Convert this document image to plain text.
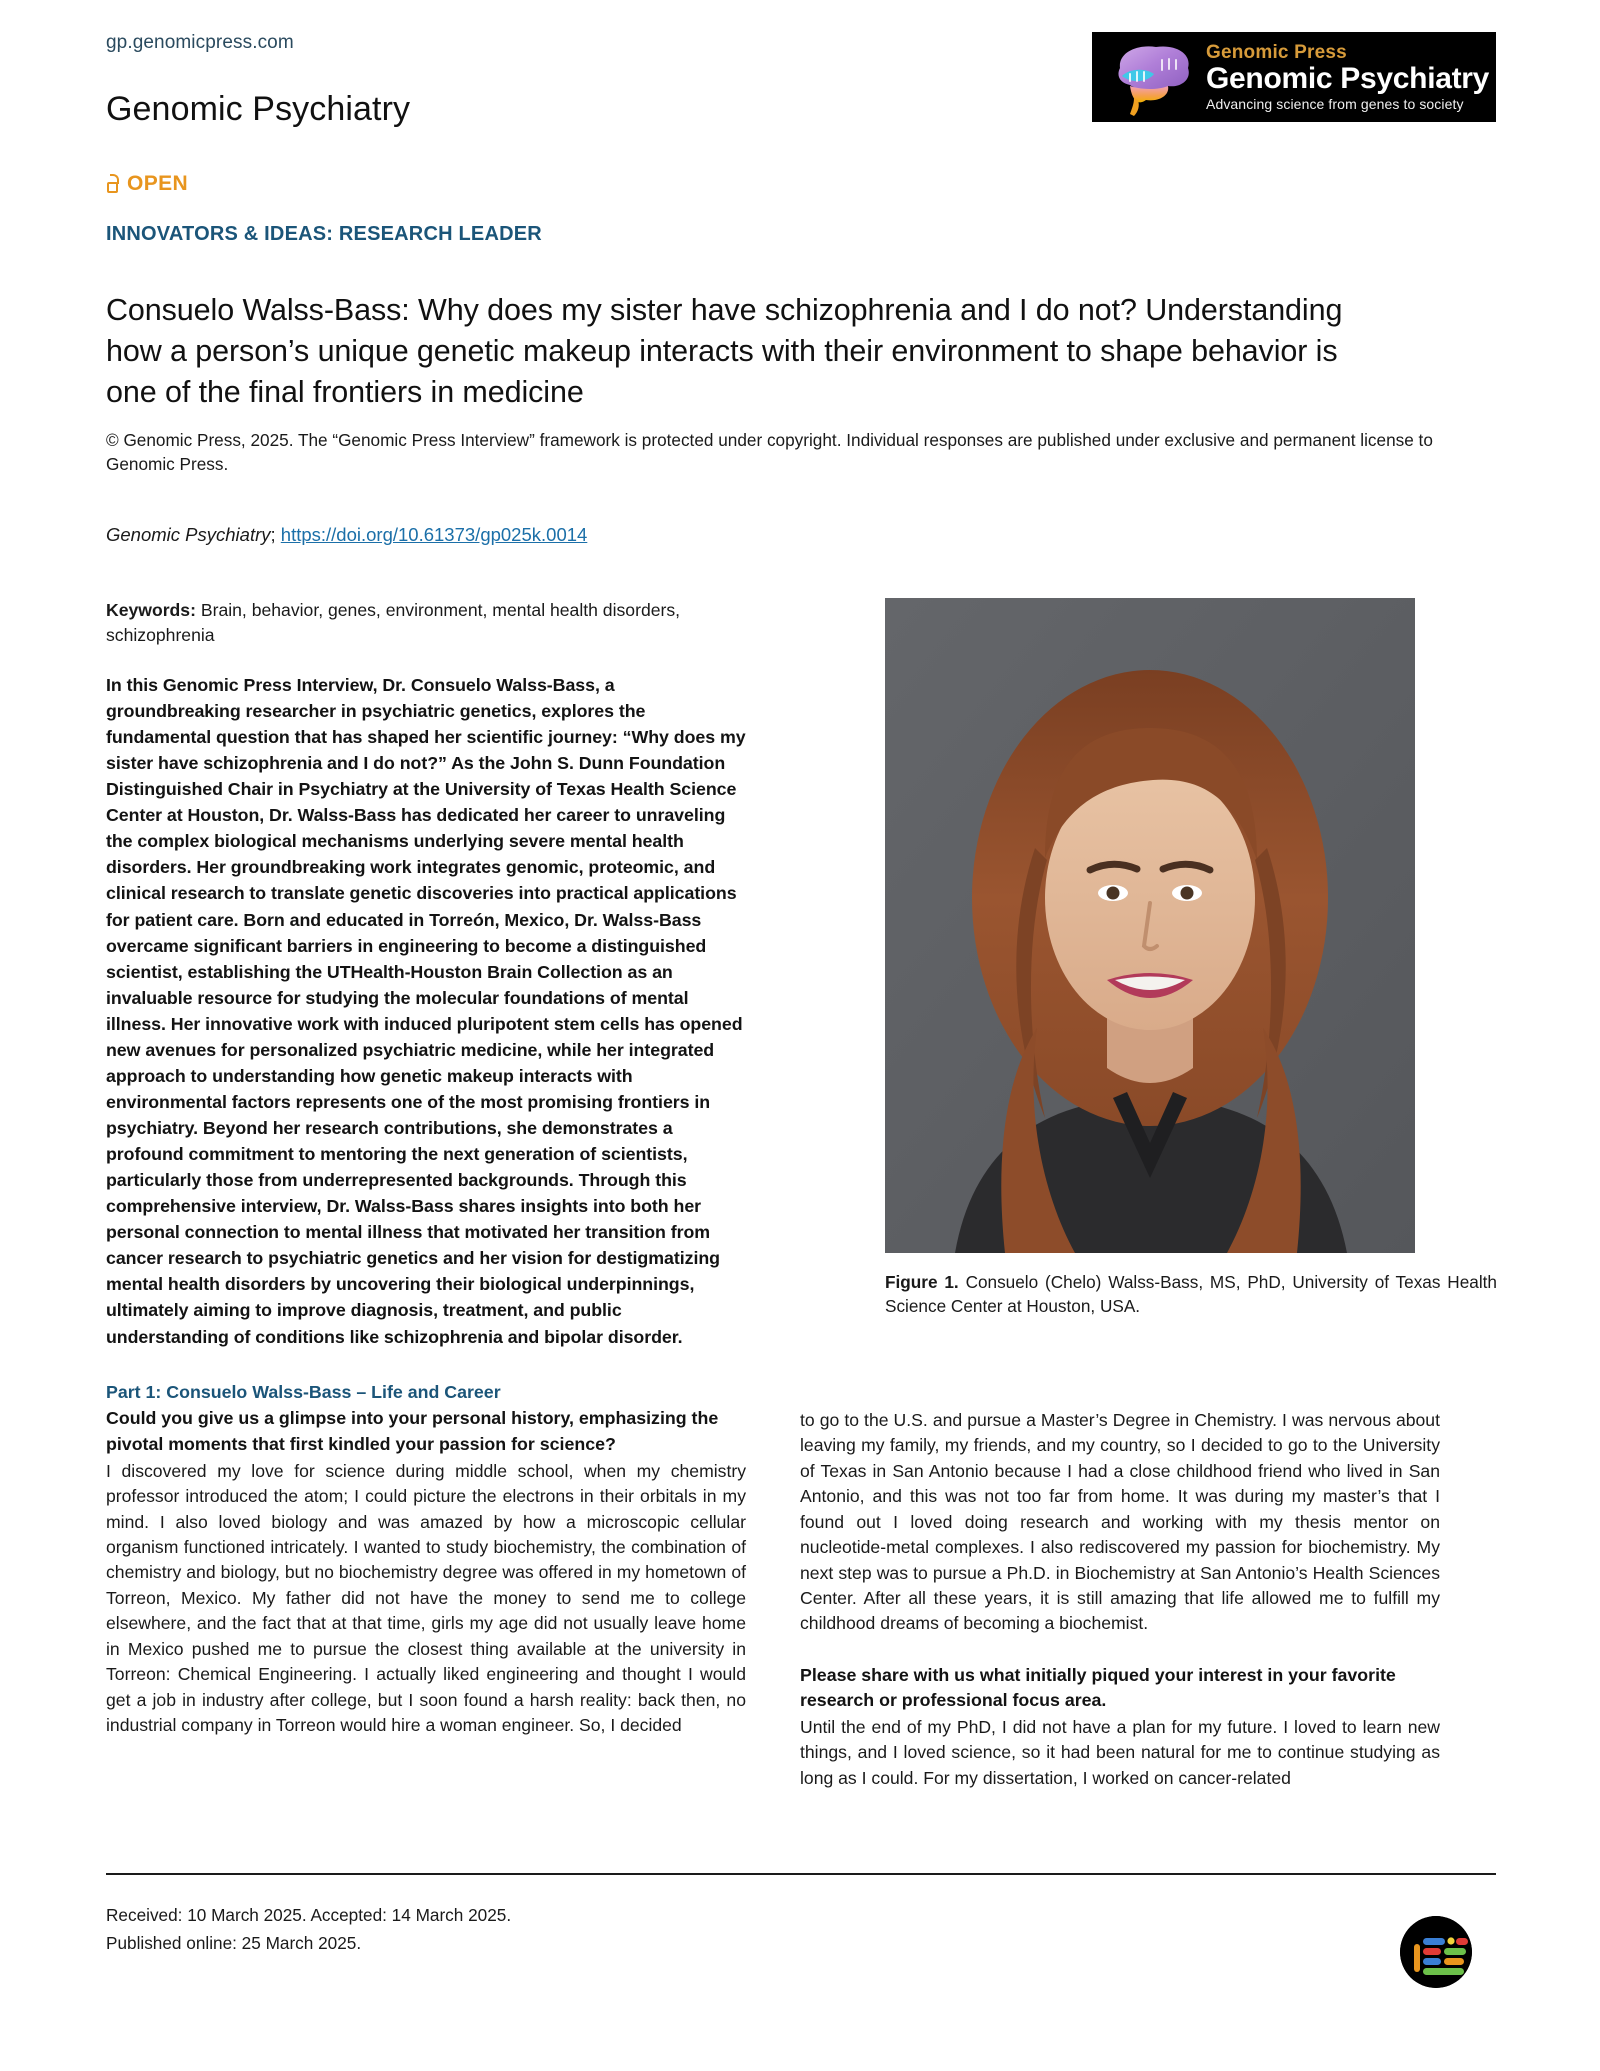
gp.genomicpress.com
Genomic Psychiatry
OPEN
Genomic Press
Genomic Psychiatry
Advancing science from genes to society
INNOVATORS & IDEAS: RESEARCH LEADER
Consuelo Walss-Bass: Why does my sister have schizophrenia and I do not? Understanding how a person’s unique genetic makeup interacts with their environment to shape behavior is one of the final frontiers in medicine
© Genomic Press, 2025. The “Genomic Press Interview” framework is protected under copyright. Individual responses are published under exclusive and permanent license to Genomic Press.
Genomic Psychiatry; https://doi.org/10.61373/gp025k.0014
Keywords: Brain, behavior, genes, environment, mental health disorders, schizophrenia
In this Genomic Press Interview, Dr. Consuelo Walss-Bass, a groundbreaking researcher in psychiatric genetics, explores the fundamental question that has shaped her scientific journey: “Why does my sister have schizophrenia and I do not?” As the John S. Dunn Foundation Distinguished Chair in Psychiatry at the University of Texas Health Science Center at Houston, Dr. Walss-Bass has dedicated her career to unraveling the complex biological mechanisms underlying severe mental health disorders. Her groundbreaking work integrates genomic, proteomic, and clinical research to translate genetic discoveries into practical applications for patient care. Born and educated in Torreón, Mexico, Dr. Walss-Bass overcame significant barriers in engineering to become a distinguished scientist, establishing the UTHealth-Houston Brain Collection as an invaluable resource for studying the molecular foundations of mental illness. Her innovative work with induced pluripotent stem cells has opened new avenues for personalized psychiatric medicine, while her integrated approach to understanding how genetic makeup interacts with environmental factors represents one of the most promising frontiers in psychiatry. Beyond her research contributions, she demonstrates a profound commitment to mentoring the next generation of scientists, particularly those from underrepresented backgrounds. Through this comprehensive interview, Dr. Walss-Bass shares insights into both her personal connection to mental illness that motivated her transition from cancer research to psychiatric genetics and her vision for destigmatizing mental health disorders by uncovering their biological underpinnings, ultimately aiming to improve diagnosis, treatment, and public understanding of conditions like schizophrenia and bipolar disorder.
Part 1: Consuelo Walss-Bass – Life and Career
Could you give us a glimpse into your personal history, emphasizing the pivotal moments that first kindled your passion for science?
I discovered my love for science during middle school, when my chemistry professor introduced the atom; I could picture the electrons in their orbitals in my mind. I also loved biology and was amazed by how a microscopic cellular organism functioned intricately. I wanted to study biochemistry, the combination of chemistry and biology, but no biochemistry degree was offered in my hometown of Torreon, Mexico. My father did not have the money to send me to college elsewhere, and the fact that at that time, girls my age did not usually leave home in Mexico pushed me to pursue the closest thing available at the university in Torreon: Chemical Engineering. I actually liked engineering and thought I would get a job in industry after college, but I soon found a harsh reality: back then, no industrial company in Torreon would hire a woman engineer. So, I decided
Figure 1. Consuelo (Chelo) Walss-Bass, MS, PhD, University of Texas Health Science Center at Houston, USA.
to go to the U.S. and pursue a Master’s Degree in Chemistry. I was nervous about leaving my family, my friends, and my country, so I decided to go to the University of Texas in San Antonio because I had a close childhood friend who lived in San Antonio, and this was not too far from home. It was during my master’s that I found out I loved doing research and working with my thesis mentor on nucleotide-metal complexes. I also rediscovered my passion for biochemistry. My next step was to pursue a Ph.D. in Biochemistry at San Antonio’s Health Sciences Center. After all these years, it is still amazing that life allowed me to fulfill my childhood dreams of becoming a biochemist.
Please share with us what initially piqued your interest in your favorite research or professional focus area.
Until the end of my PhD, I did not have a plan for my future. I loved to learn new things, and I loved science, so it had been natural for me to continue studying as long as I could. For my dissertation, I worked on cancer-related
Received: 10 March 2025. Accepted: 14 March 2025.
Published online: 25 March 2025.
